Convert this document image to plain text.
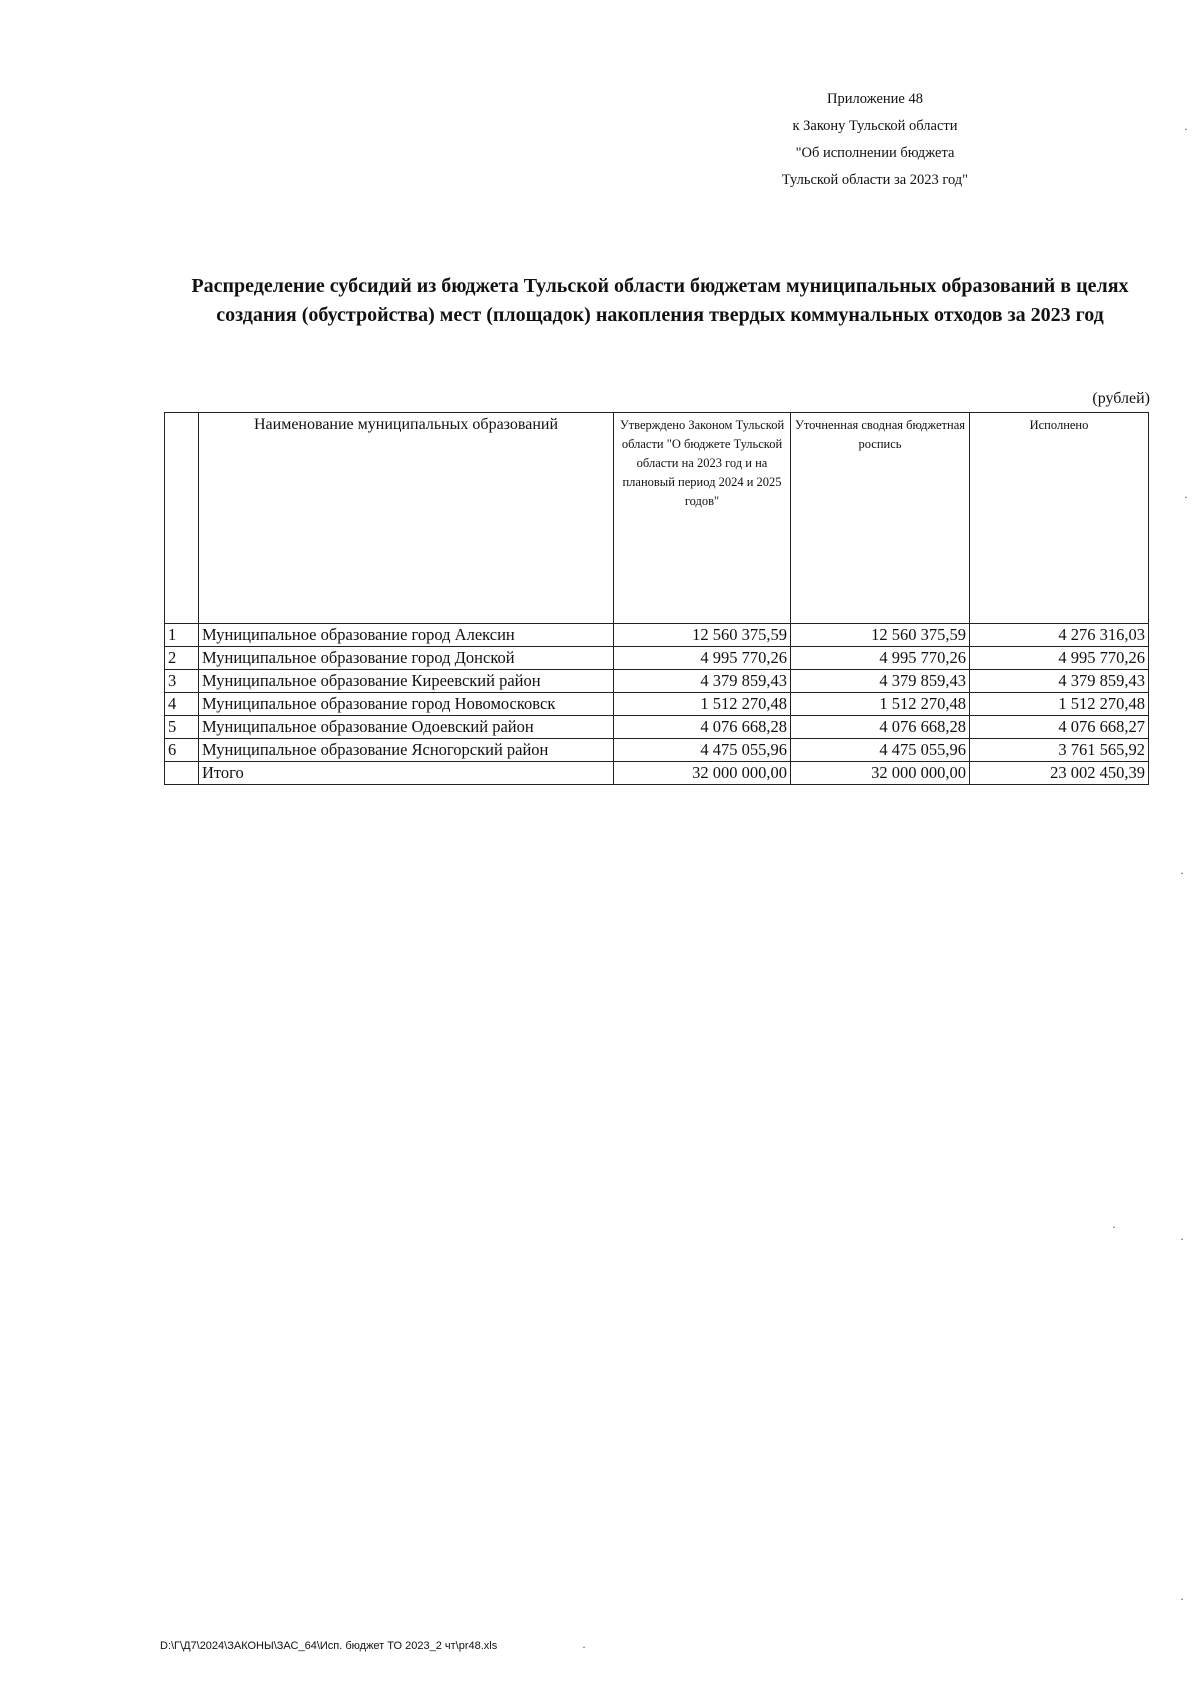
Приложение 48
к Закону Тульской области
"Об исполнении бюджета
Тульской области за 2023 год"
Распределение субсидий из бюджета Тульской области бюджетам муниципальных образований в целях создания (обустройства) мест (площадок) накопления твердых коммунальных отходов за 2023 год
(рублей)
	Наименование муниципальных образований	Утверждено Законом Тульской области "О бюджете Тульской области на 2023 год и на плановый период 2024 и 2025 годов"	Уточненная сводная бюджетная роспись	Исполнено
1	Муниципальное образование город Алексин	12 560 375,59	12 560 375,59	4 276 316,03
2	Муниципальное образование город Донской	4 995 770,26	4 995 770,26	4 995 770,26
3	Муниципальное образование Киреевский район	4 379 859,43	4 379 859,43	4 379 859,43
4	Муниципальное образование город Новомосковск	1 512 270,48	1 512 270,48	1 512 270,48
5	Муниципальное образование Одоевский район	4 076 668,28	4 076 668,28	4 076 668,27
6	Муниципальное образование Ясногорский район	4 475 055,96	4 475 055,96	3 761 565,92
	Итого	32 000 000,00	32 000 000,00	23 002 450,39
D:\Г\Д7\2024\ЗАКОНЫ\ЗАС_64\Исп. бюджет ТО 2023_2 чт\pr48.xls
·
·
·
·
·
·
·
